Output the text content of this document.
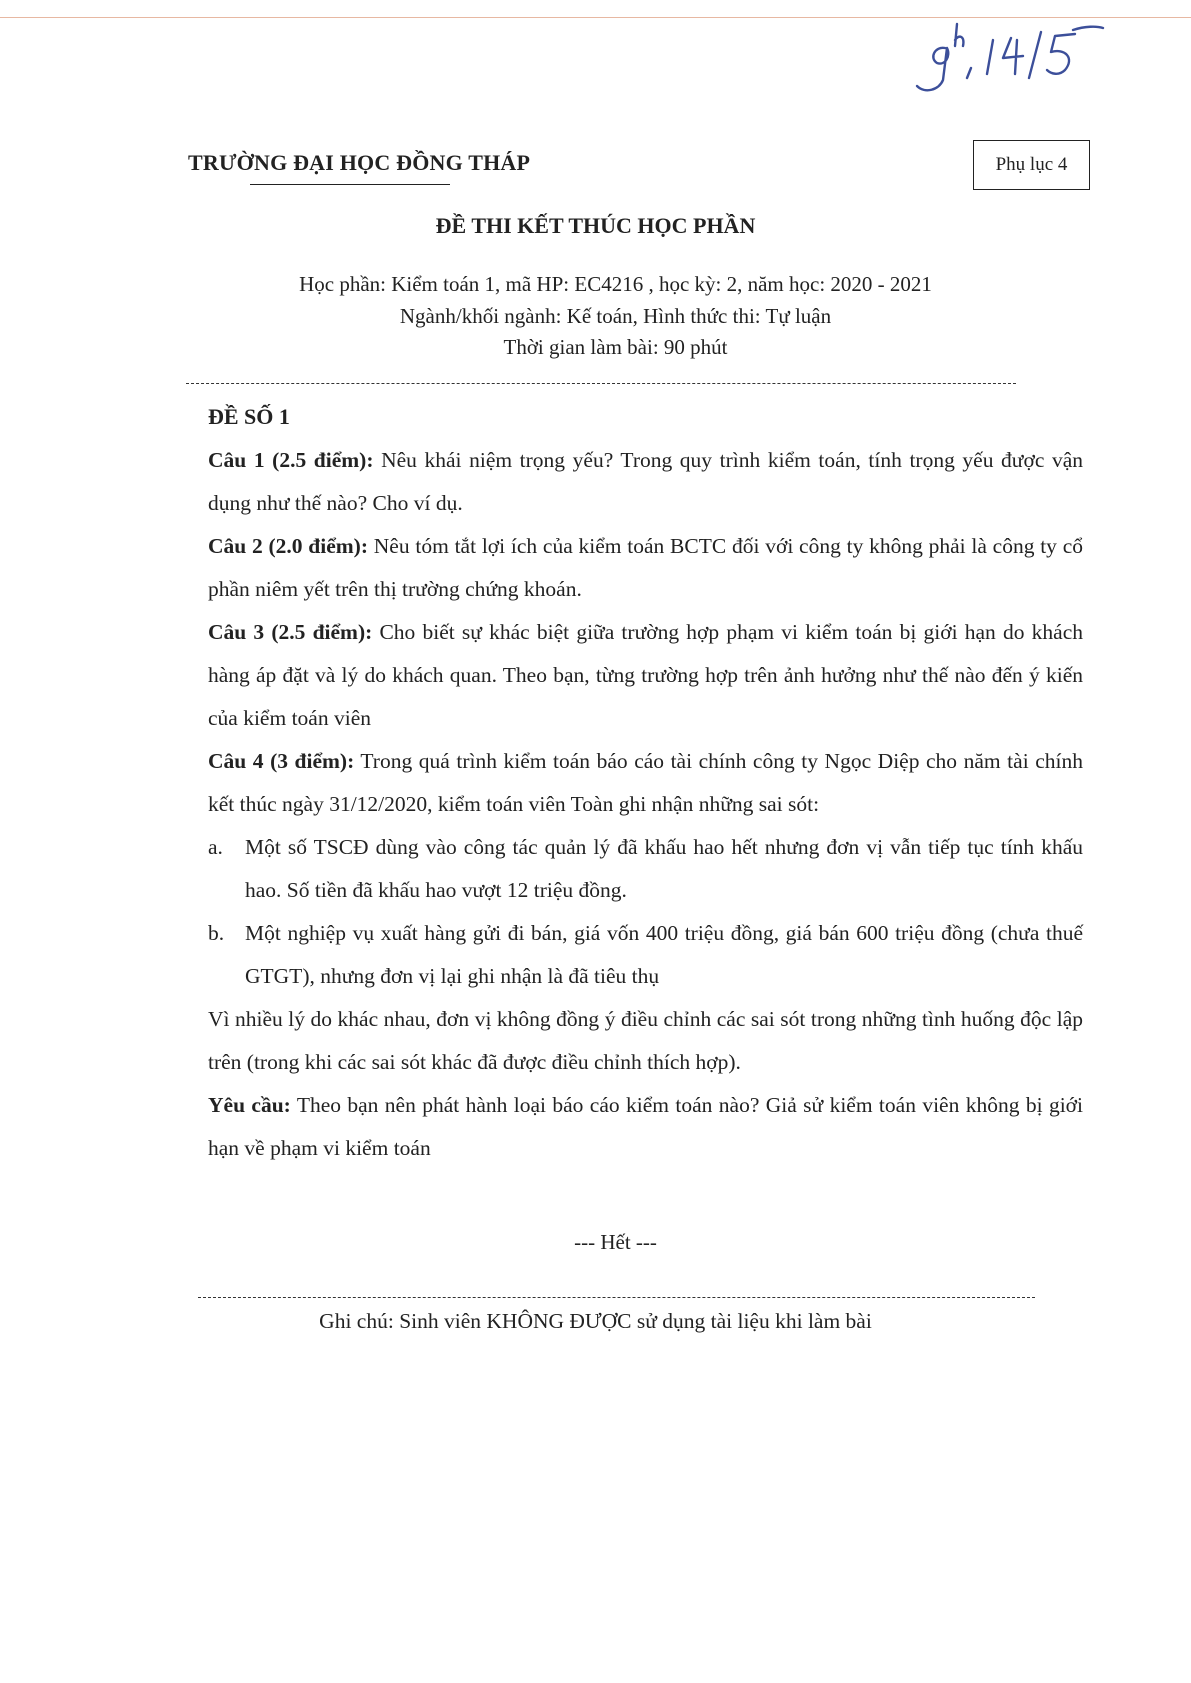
TRƯỜNG ĐẠI HỌC ĐỒNG THÁP	Phụ lục 4
ĐỀ THI KẾT THÚC HỌC PHẦN
Học phần: Kiểm toán 1, mã HP: EC4216 , học kỳ: 2, năm học: 2020 - 2021
Ngành/khối ngành: Kế toán, Hình thức thi: Tự luận
Thời gian làm bài: 90 phút
ĐỀ SỐ 1

Câu 1 (2.5 điểm): Nêu khái niệm trọng yếu? Trong quy trình kiểm toán, tính trọng yếu được vận dụng như thế nào? Cho ví dụ.

Câu 2 (2.0 điểm): Nêu tóm tắt lợi ích của kiểm toán BCTC đối với công ty không phải là công ty cổ phần niêm yết trên thị trường chứng khoán.

Câu 3 (2.5 điểm): Cho biết sự khác biệt giữa trường hợp phạm vi kiểm toán bị giới hạn do khách hàng áp đặt và lý do khách quan. Theo bạn, từng trường hợp trên ảnh hưởng như thế nào đến ý kiến của kiểm toán viên

Câu 4 (3 điểm): Trong quá trình kiểm toán báo cáo tài chính công ty Ngọc Diệp cho năm tài chính kết thúc ngày 31/12/2020, kiểm toán viên Toàn ghi nhận những sai sót:

a. Một số TSCĐ dùng vào công tác quản lý đã khấu hao hết nhưng đơn vị vẫn tiếp tục tính khấu hao. Số tiền đã khấu hao vượt 12 triệu đồng.
b. Một nghiệp vụ xuất hàng gửi đi bán, giá vốn 400 triệu đồng, giá bán 600 triệu đồng (chưa thuế GTGT), nhưng đơn vị lại ghi nhận là đã tiêu thụ

Vì nhiều lý do khác nhau, đơn vị không đồng ý điều chỉnh các sai sót trong những tình huống độc lập trên (trong khi các sai sót khác đã được điều chỉnh thích hợp).

Yêu cầu: Theo bạn nên phát hành loại báo cáo kiểm toán nào? Giả sử kiểm toán viên không bị giới hạn về phạm vi kiểm toán

--- Hết ---
Ghi chú: Sinh viên KHÔNG ĐƯỢC sử dụng tài liệu khi làm bài
